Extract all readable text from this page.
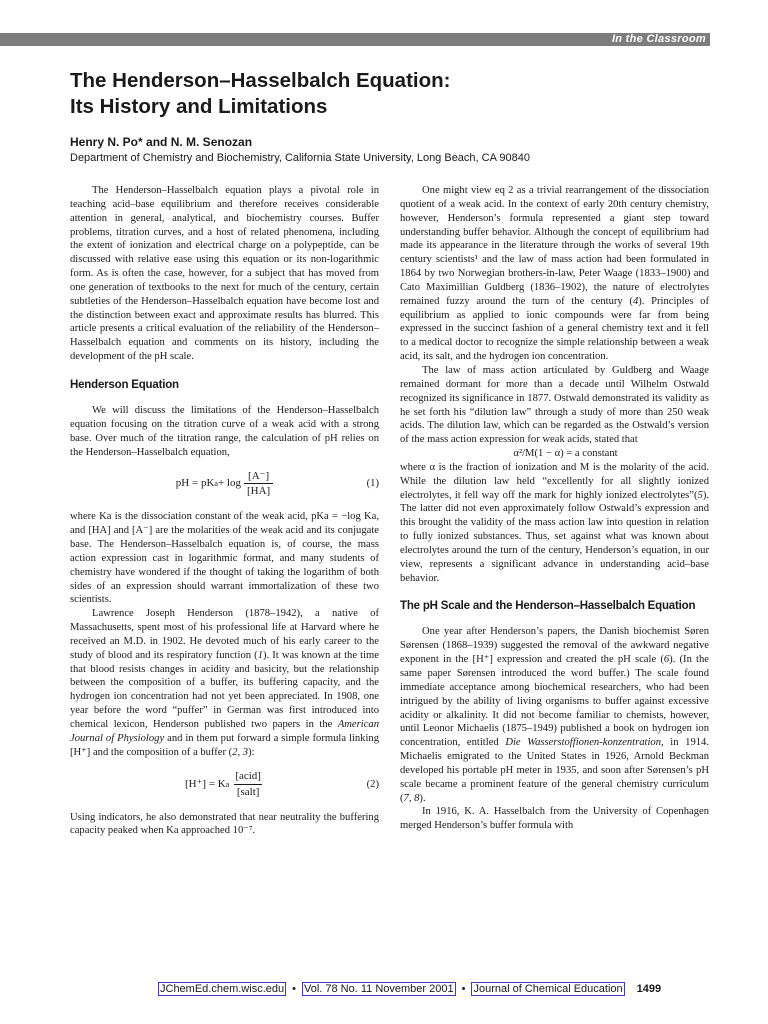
In the Classroom
The Henderson–Hasselbalch Equation:
Its History and Limitations
Henry N. Po* and N. M. Senozan
Department of Chemistry and Biochemistry, California State University, Long Beach, CA 90840

The Henderson–Hasselbalch equation plays a pivotal role in teaching acid–base equilibrium and therefore receives considerable attention in general, analytical, and biochemistry courses. Buffer problems, titration curves, and a host of related phenomena, including the extent of ionization and electrical charge on a polypeptide, can be discussed with relative ease using this equation or its non-logarithmic form. As is often the case, however, for a subject that has moved from one generation of textbooks to the next for much of the century, certain subtleties of the Henderson–Hasselbalch equation have become lost and the distinction between exact and approximate results has blurred. This article presents a critical evaluation of the reliability of the Henderson–Hasselbalch equation and comments on its history, including the development of the pH scale.

Henderson Equation

We will discuss the limitations of the Henderson–Hasselbalch equation focusing on the titration curve of a weak acid with a strong base. Over much of the titration range, the calculation of pH relies on the Henderson–Hasselbalch equation,

pH = pK $a + \log \frac{[A^-]}{[HA]}$	(1)

where Ka is the dissociation constant of the weak acid, pKa = −log Ka, and [HA] and [A⁻] are the molarities of the weak acid and its conjugate base. The Henderson–Hasselbalch equation is, of course, the mass action expression cast in logarithmic format, and many students of chemistry have wondered if the thought of taking the logarithm of both sides of an expression should warrant immortalization of these two scientists.

Lawrence Joseph Henderson (1878–1942), a native of Massachusetts, spent most of his professional life at Harvard where he received an M.D. in 1902. He devoted much of his early career to the study of blood and its respiratory function (1). It was known at the time that blood resists changes in acidity and basicity, but the relationship between the composition of a buffer, its buffering capacity, and the hydrogen ion concentration had not yet been appreciated. In 1908, one year before the word “puffer” in German was first introduced into chemical lexicon, Henderson published two papers in the American Journal of Physiology and in them put forward a simple formula linking [H⁺] and the composition of a buffer (2, 3):

[H⁺] = K a $\frac{\text{[acid]}}{\text{[salt]}}$	(2)

Using indicators, he also demonstrated that near neutrality the buffering capacity peaked when Ka approached 10⁻⁷.

One might view eq 2 as a trivial rearrangement of the dissociation quotient of a weak acid. In the context of early 20th century chemistry, however, Henderson’s formula represented a giant step toward understanding buffer behavior. Although the concept of equilibrium had made its appearance in the literature through the works of several 19th century scientists¹ and the law of mass action had been formulated in 1864 by two Norwegian brothers-in-law, Peter Waage (1833–1900) and Cato Maximillian Guldberg (1836–1902), the nature of electrolytes remained fuzzy around the turn of the century (4). Principles of equilibrium as applied to ionic compounds were far from being expressed in the succinct fashion of a general chemistry text and it fell to a medical doctor to recognize the simple relationship between a weak acid, its salt, and the hydrogen ion concentration.

The law of mass action articulated by Guldberg and Waage remained dormant for more than a decade until Wilhelm Ostwald recognized its significance in 1877. Ostwald demonstrated its validity as he set forth his “dilution law” through a study of more than 250 weak acids. The dilution law, which can be regarded as the Ostwald’s version of the mass action expression for weak acids, stated that

α²/M(1 − α) = a constant

where α is the fraction of ionization and M is the molarity of the acid. While the dilution law held “excellently for all slightly ionized electrolytes, it fell way off the mark for highly ionized electrolytes”(5). The latter did not even approximately follow Ostwald’s expression and this brought the validity of the mass action law into question in relation to fully ionized substances. Thus, set against what was known about electrolytes around the turn of the century, Henderson’s equation, in our view, represents a significant advance in understanding acid–base behavior.

The pH Scale and the Henderson–Hasselbalch Equation

One year after Henderson’s papers, the Danish biochemist Søren Sørensen (1868–1939) suggested the removal of the awkward negative exponent in the [H⁺] expression and created the pH scale (6). (In the same paper Sørensen introduced the word buffer.) The scale found immediate acceptance among biochemical researchers, who had been intrigued by the ability of living organisms to buffer against excessive acidity or alkalinity. It did not become familiar to chemists, however, until Leonor Michaelis (1875–1949) published a book on hydrogen ion concentration, entitled Die Wasserstoffionen-konzentration, in 1914. Michaelis emigrated to the United States in 1926, Arnold Beckman developed his portable pH meter in 1935, and soon after Sørensen’s pH scale became a prominent feature of the general chemistry curriculum (7, 8).

In 1916, K. A. Hasselbalch from the University of Copenhagen merged Henderson’s buffer formula with

JChemEd.chem.wisc.edu • Vol. 78 No. 11 November 2001 • Journal of Chemical Education 1499
